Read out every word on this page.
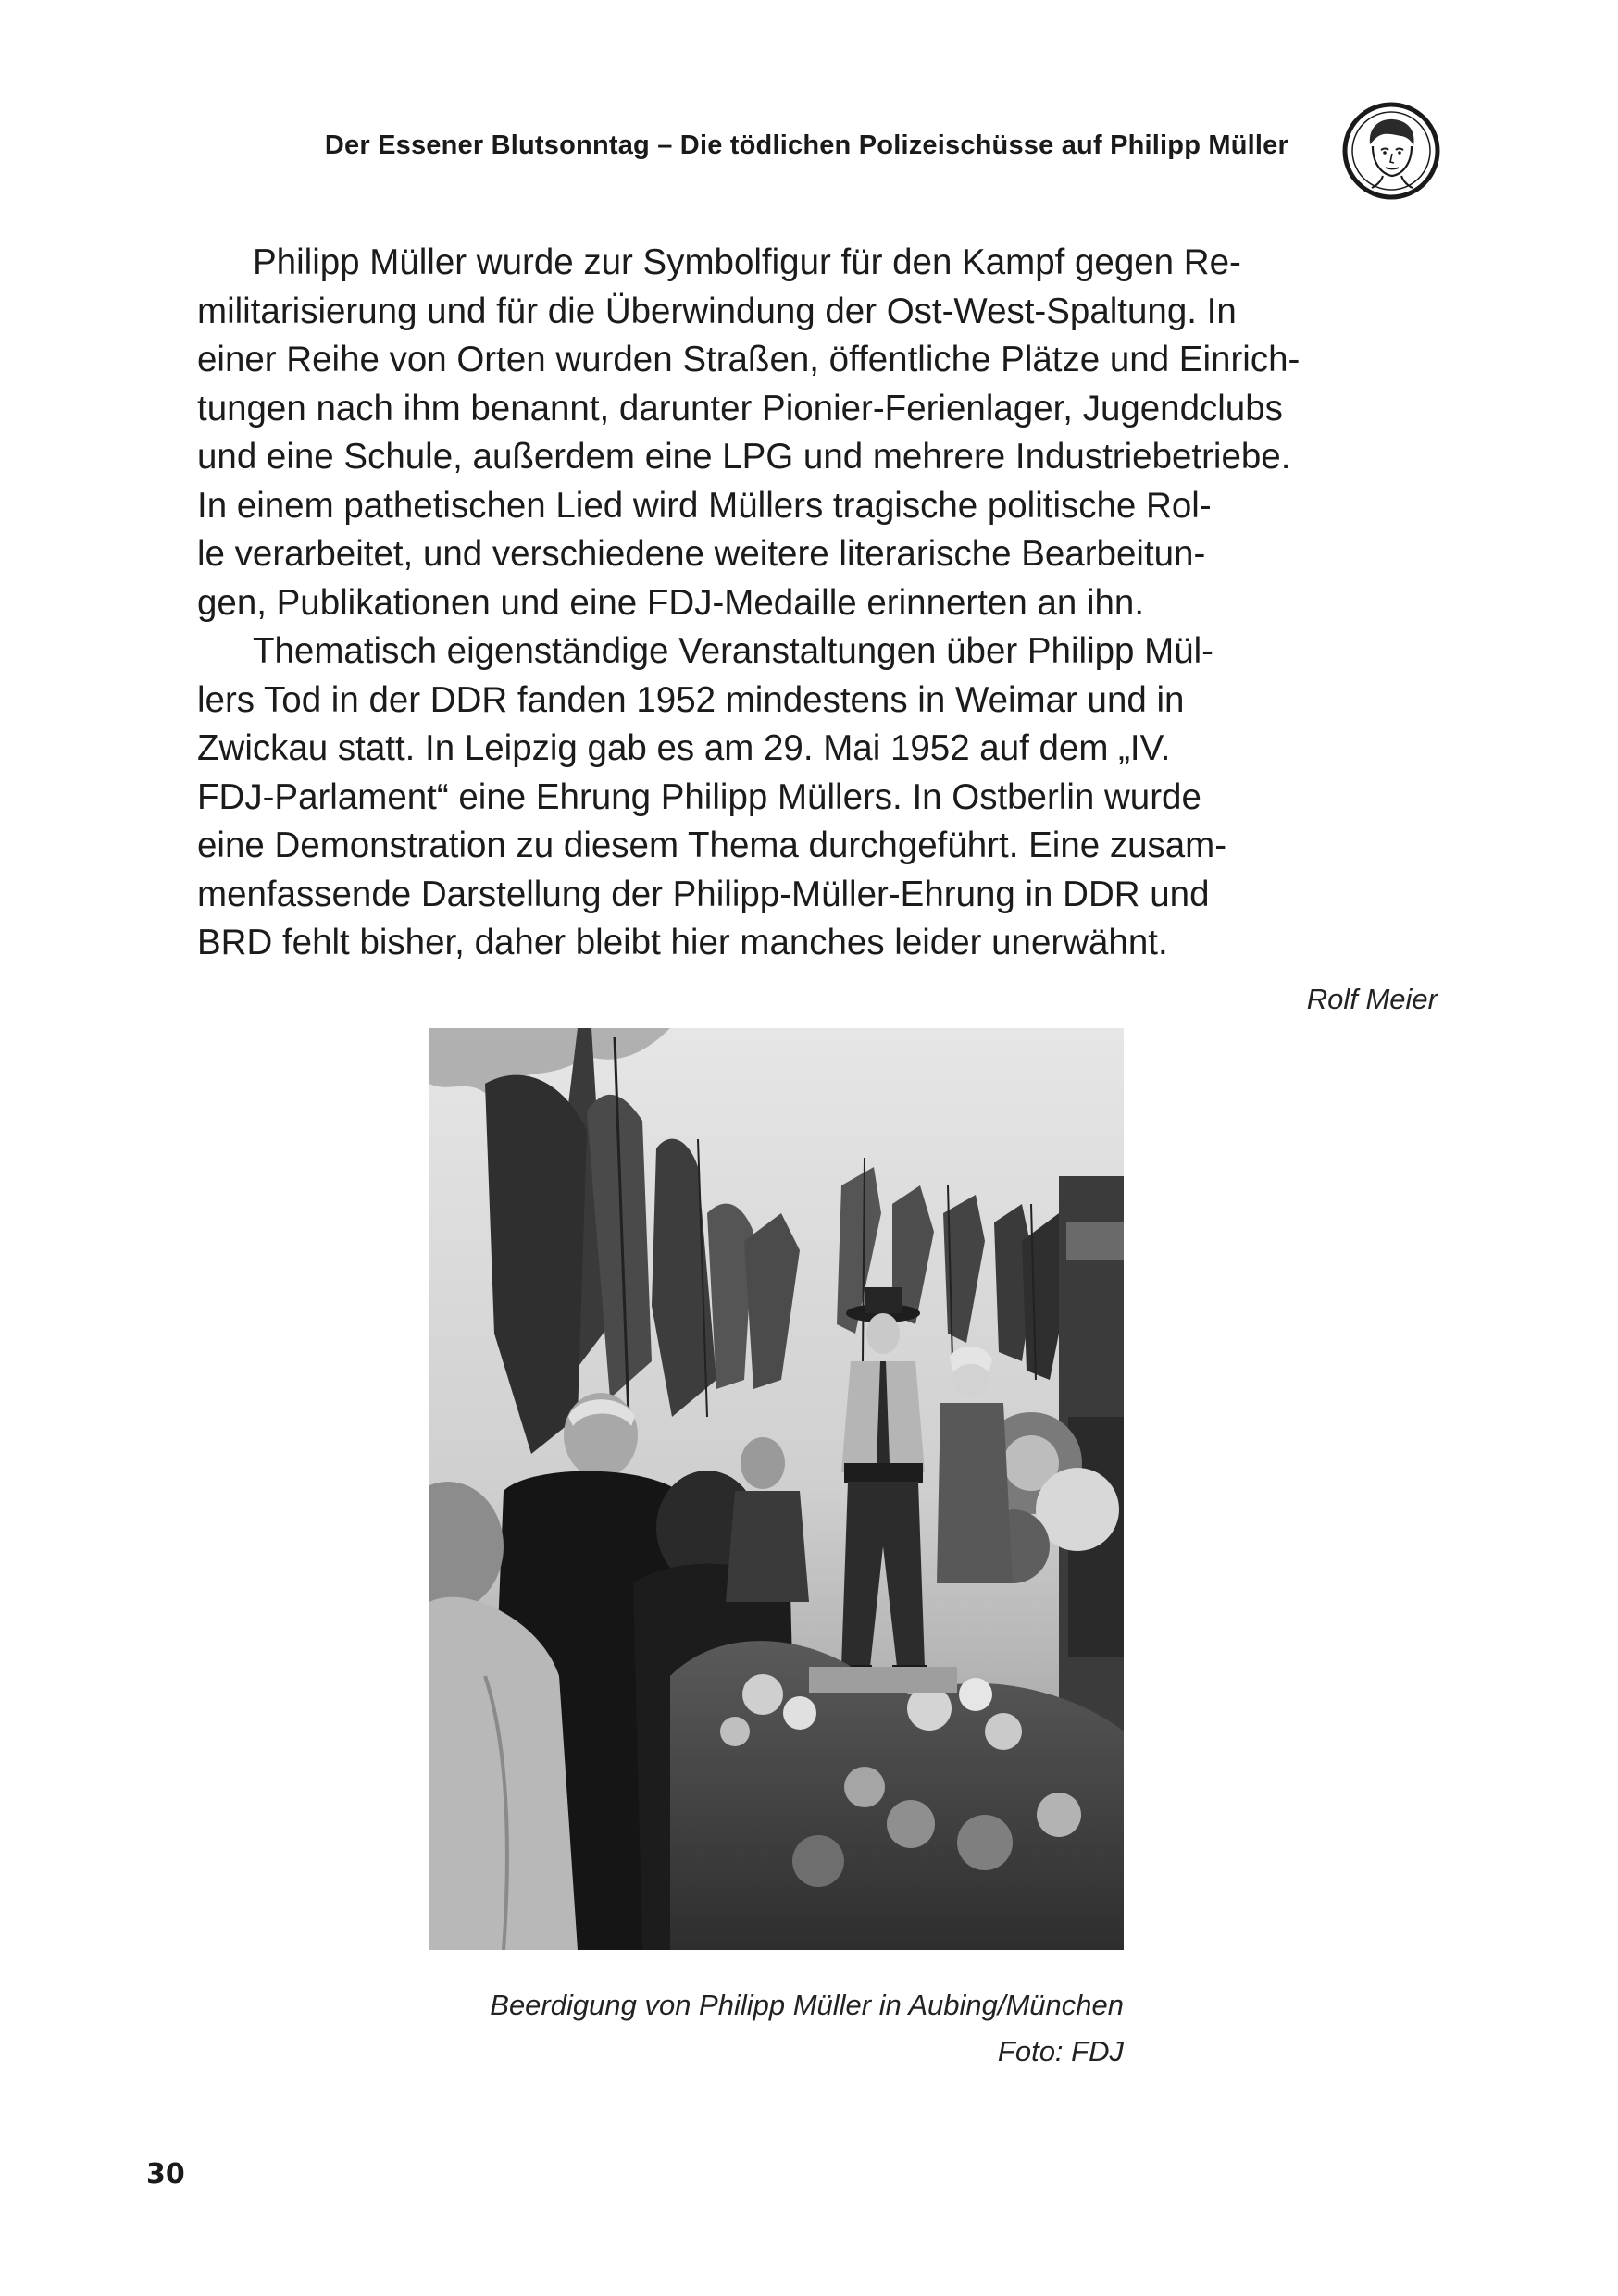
Der Essener Blutsonntag – Die tödlichen Polizeischüsse auf Philipp Müller
Philipp Müller wurde zur Symbolfigur für den Kampf gegen Re-
militarisierung und für die Überwindung der Ost-West-Spaltung. In
einer Reihe von Orten wurden Straßen, öffentliche Plätze und Einrich-
tungen nach ihm benannt, darunter Pionier-Ferienlager, Jugendclubs
und eine Schule, außerdem eine LPG und mehrere Industriebetriebe.
In einem pathetischen Lied wird Müllers tragische politische Rol-
le verarbeitet, und verschiedene weitere literarische Bearbeitun-
gen, Publikationen und eine FDJ-Medaille erinnerten an ihn.
Thematisch eigenständige Veranstaltungen über Philipp Mül-
lers Tod in der DDR fanden 1952 mindestens in Weimar und in
Zwickau statt. In Leipzig gab es am 29. Mai 1952 auf dem „IV.
FDJ-Parlament“ eine Ehrung Philipp Müllers. In Ostberlin wurde
eine Demonstration zu diesem Thema durchgeführt. Eine zusam-
menfassende Darstellung der Philipp-Müller-Ehrung in DDR und
BRD fehlt bisher, daher bleibt hier manches leider unerwähnt.
Rolf Meier
Beerdigung von Philipp Müller in Aubing/München
Foto: FDJ
30
